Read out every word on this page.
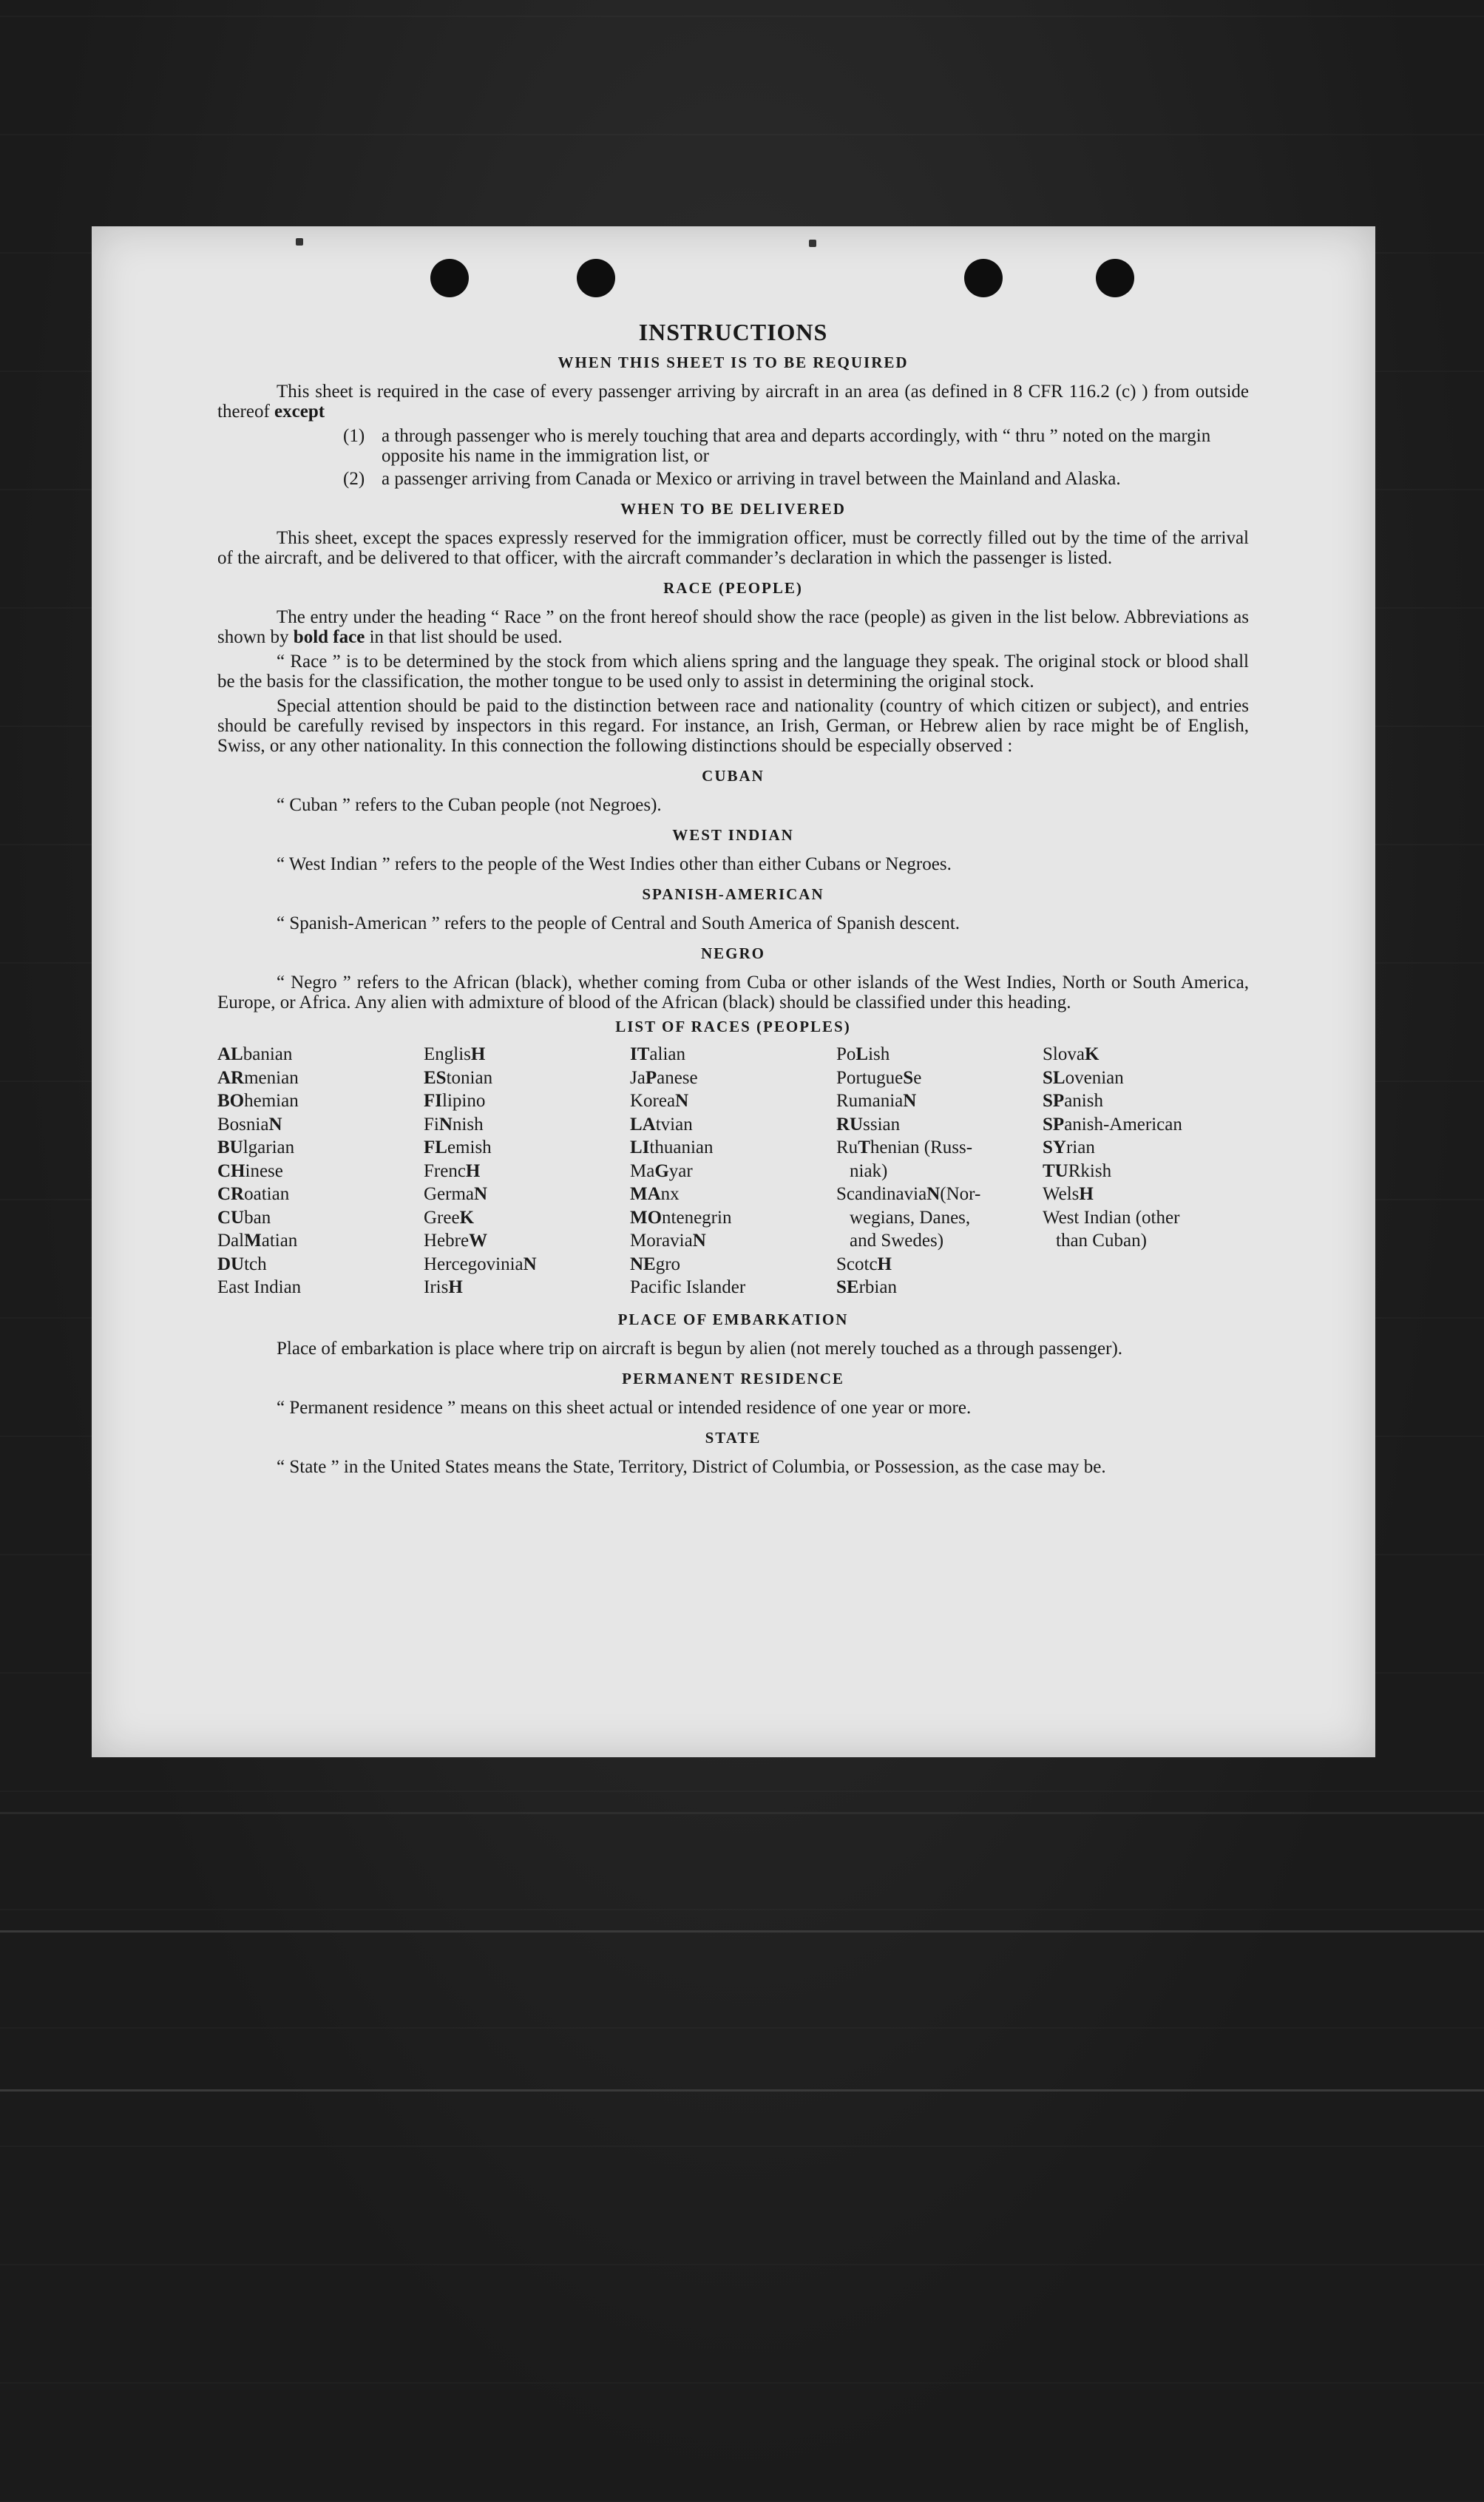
INSTRUCTIONS
WHEN THIS SHEET IS TO BE REQUIRED

This sheet is required in the case of every passenger arriving by aircraft in an area (as defined in 8 CFR 116.2 (c) ) from outside thereof except

(1) a through passenger who is merely touching that area and departs accordingly, with “ thru ” noted on the margin opposite his name in the immigration list, or
(2) a passenger arriving from Canada or Mexico or arriving in travel between the Mainland and Alaska.
WHEN TO BE DELIVERED

This sheet, except the spaces expressly reserved for the immigration officer, must be correctly filled out by the time of the arrival of the aircraft, and be delivered to that officer, with the aircraft commander’s declaration in which the passenger is listed.

RACE (PEOPLE)

The entry under the heading “ Race ” on the front hereof should show the race (people) as given in the list below. Abbreviations as shown by bold face in that list should be used.

“ Race ” is to be determined by the stock from which aliens spring and the language they speak. The original stock or blood shall be the basis for the classification, the mother tongue to be used only to assist in determining the original stock.

Special attention should be paid to the distinction between race and nationality (country of which citizen or subject), and entries should be carefully revised by inspectors in this regard. For instance, an Irish, German, or Hebrew alien by race might be of English, Swiss, or any other nationality. In this connection the following distinctions should be especially observed :

CUBAN

“ Cuban ” refers to the Cuban people (not Negroes).

WEST INDIAN

“ West Indian ” refers to the people of the West Indies other than either Cubans or Negroes.

SPANISH-AMERICAN

“ Spanish-American ” refers to the people of Central and South America of Spanish descent.

NEGRO

“ Negro ” refers to the African (black), whether coming from Cuba or other islands of the West Indies, North or South America, Europe, or Africa. Any alien with admixture of blood of the African (black) should be classified under this heading.

LIST OF RACES (PEOPLES)
ALbanian
ARmenian
BOhemian
BosniaN
BUlgarian
CHinese
CRoatian
CUban
DalMatian
DUtch
East Indian
EnglisH
EStonian
FIlipino
FiNnish
FLemish
FrencH
GermaN
GreeK
HebreW
HercegoviniaN
IrisH
ITalian
JaPanese
KoreaN
LAtvian
LIthuanian
MaGyar
MAnx
MOntenegrin
MoraviaN
NEgro
Pacific Islander
PoLish
PortugueSe
RumaniaN
RUssian
RuThenian (Russ-
niak)
ScandinaviaN(Nor-
wegians, Danes,
and Swedes)
ScotcH
SErbian
SlovaK
SLovenian
SPanish
SPanish-American
SYrian
TURkish
WelsH
West Indian (other
than Cuban)
PLACE OF EMBARKATION

Place of embarkation is place where trip on aircraft is begun by alien (not merely touched as a through passenger).

PERMANENT RESIDENCE

“ Permanent residence ” means on this sheet actual or intended residence of one year or more.

STATE

“ State ” in the United States means the State, Territory, District of Columbia, or Possession, as the case may be.
